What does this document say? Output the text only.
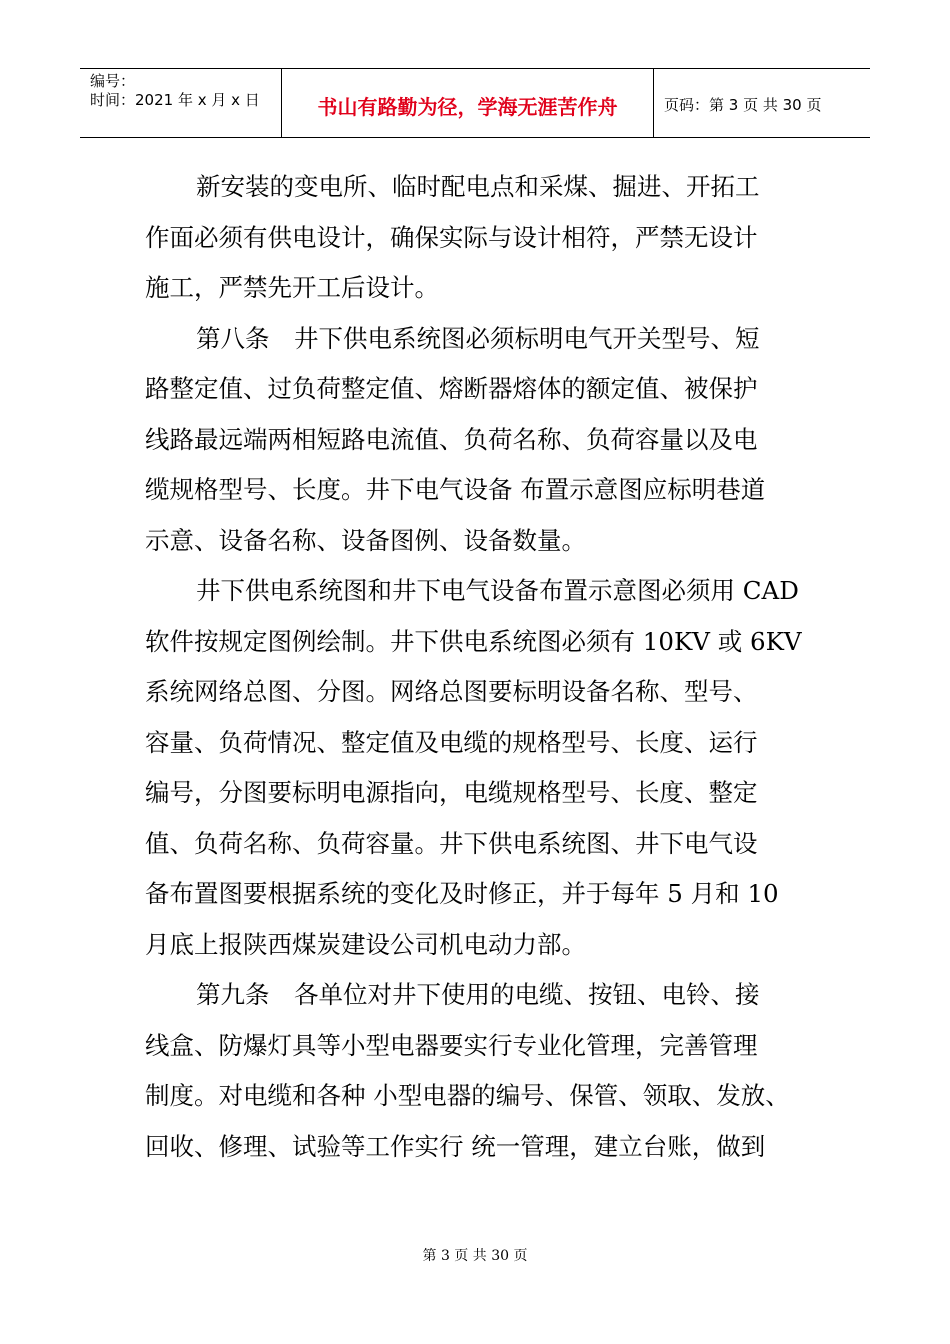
编号：
时间：2021 年 x 月 x 日	书山有路勤为径，学海无涯苦作舟	页码：第 3 页 共 30 页
新安装的变电所、临时配电点和采煤、掘进、开拓工
作面必须有供电设计，确保实际与设计相符，严禁无设计
施工，严禁先开工后设计。
第八条　井下供电系统图必须标明电气开关型号、短
路整定值、过负荷整定值、熔断器熔体的额定值、被保护
线路最远端两相短路电流值、负荷名称、负荷容量以及电
缆规格型号、长度。井下电气设备 布置示意图应标明巷道
示意、设备名称、设备图例、设备数量。
井下供电系统图和井下电气设备布置示意图必须用 CAD
软件按规定图例绘制。井下供电系统图必须有 10KV 或 6KV
系统网络总图、分图。网络总图要标明设备名称、型号、
容量、负荷情况、整定值及电缆的规格型号、长度、运行
编号，分图要标明电源指向，电缆规格型号、长度、整定
值、负荷名称、负荷容量。井下供电系统图、井下电气设
备布置图要根据系统的变化及时修正，并于每年 5 月和 10
月底上报陕西煤炭建设公司机电动力部。
第九条　各单位对井下使用的电缆、按钮、电铃、接
线盒、防爆灯具等小型电器要实行专业化管理，完善管理
制度。对电缆和各种 小型电器的编号、保管、领取、发放、
回收、修理、试验等工作实行 统一管理，建立台账，做到
第 3 页 共 30 页
